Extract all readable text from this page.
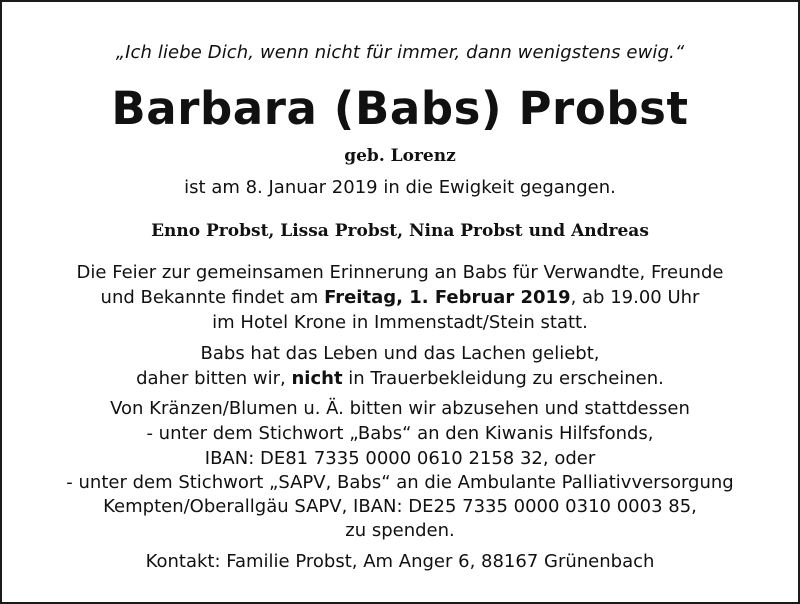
„Ich liebe Dich, wenn nicht für immer, dann wenigstens ewig.“
Barbara (Babs) Probst
geb. Lorenz
ist am 8. Januar 2019 in die Ewigkeit gegangen.
Enno Probst, Lissa Probst, Nina Probst und Andreas
Die Feier zur gemeinsamen Erinnerung an Babs für Verwandte, Freunde
und Bekannte findet am Freitag, 1. Februar 2019, ab 19.00 Uhr
im Hotel Krone in Immenstadt/Stein statt.
Babs hat das Leben und das Lachen geliebt,
daher bitten wir, nicht in Trauerbekleidung zu erscheinen.
Von Kränzen/Blumen u. Ä. bitten wir abzusehen und stattdessen
- unter dem Stichwort „Babs“ an den Kiwanis Hilfsfonds,
IBAN: DE81 7335 0000 0610 2158 32, oder
- unter dem Stichwort „SAPV, Babs“ an die Ambulante Palliativversorgung
Kempten/Oberallgäu SAPV, IBAN: DE25 7335 0000 0310 0003 85,
zu spenden.
Kontakt: Familie Probst, Am Anger 6, 88167 Grünenbach
